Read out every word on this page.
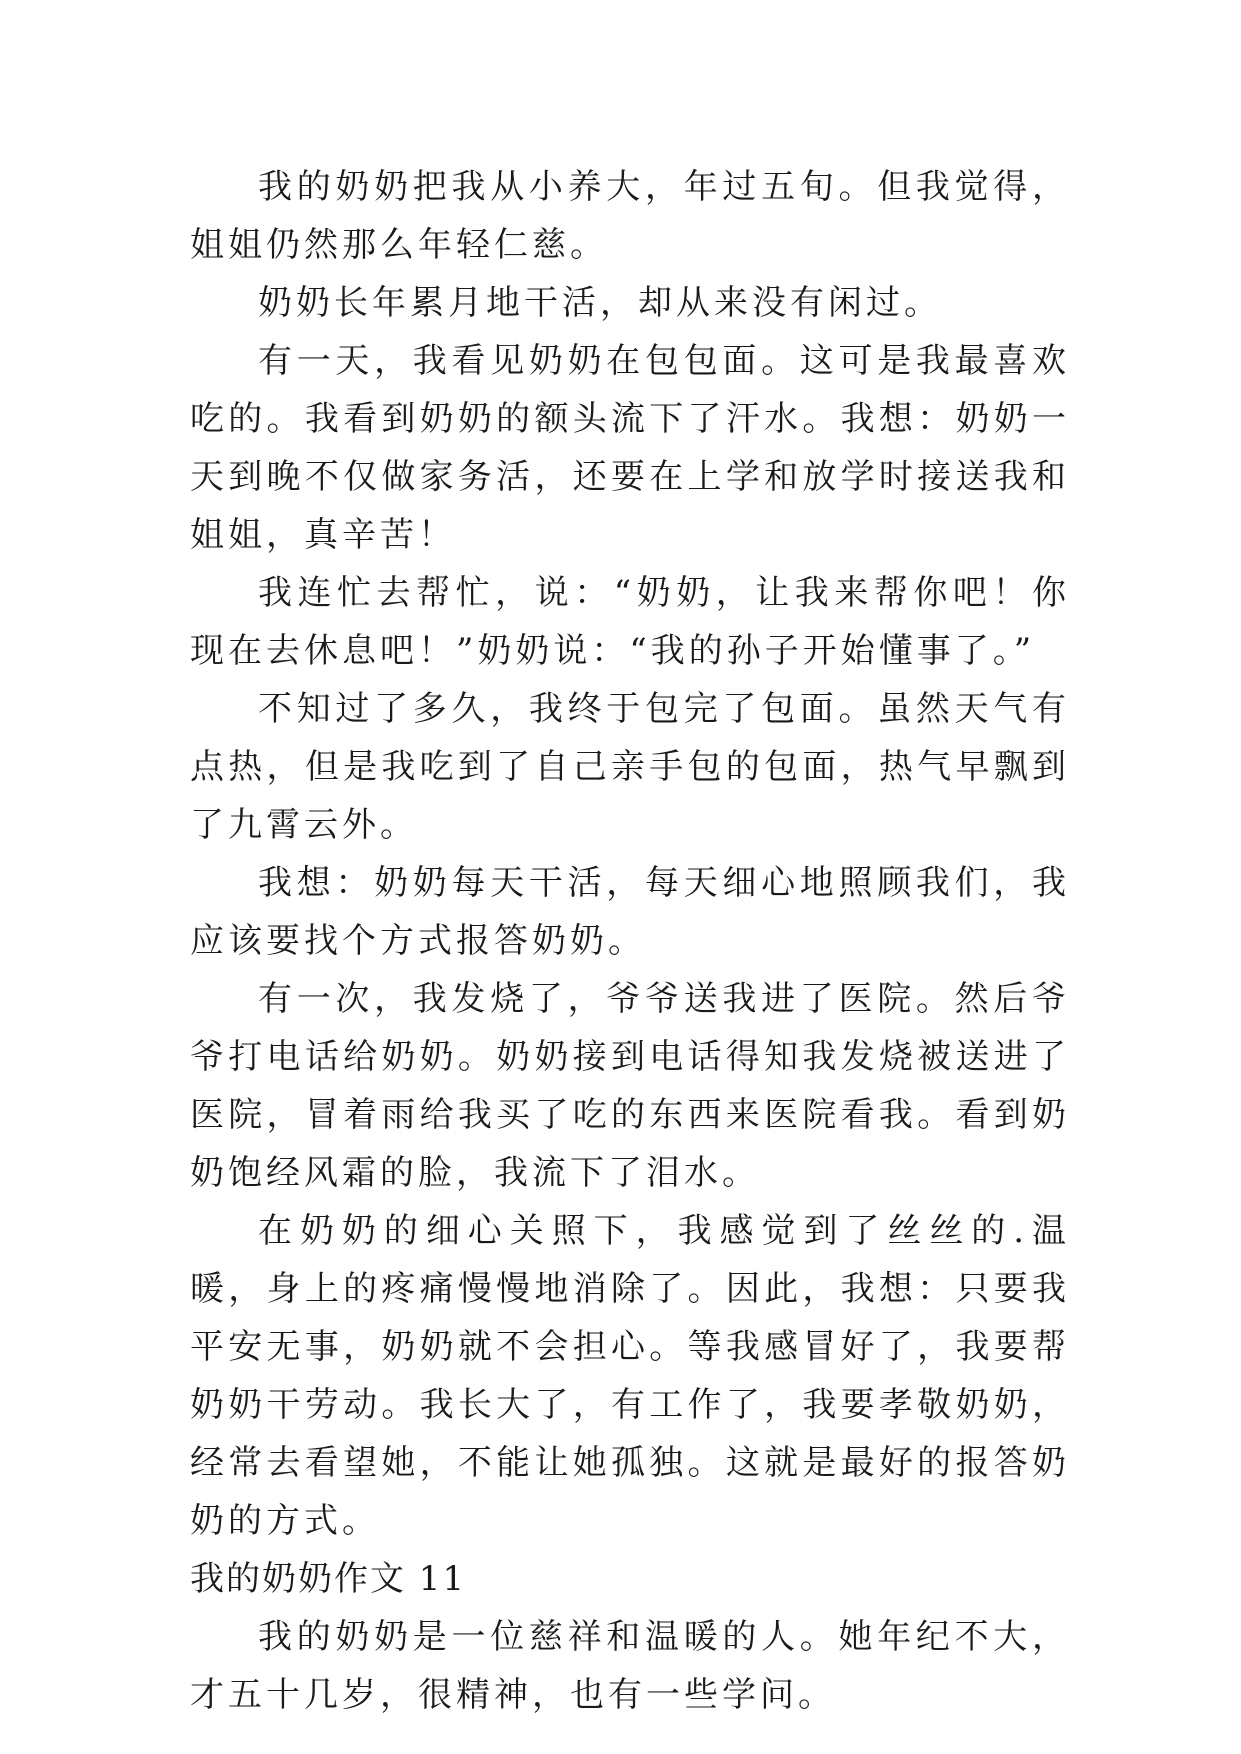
我的奶奶把我从小养大，年过五旬。但我觉得，姐姐仍然那么年轻仁慈。

奶奶长年累月地干活，却从来没有闲过。

有一天，我看见奶奶在包包面。这可是我最喜欢吃的。我看到奶奶的额头流下了汗水。我想：奶奶一天到晚不仅做家务活，还要在上学和放学时接送我和姐姐，真辛苦！

我连忙去帮忙，说：“奶奶，让我来帮你吧！你现在去休息吧！”奶奶说：“我的孙子开始懂事了。”

不知过了多久，我终于包完了包面。虽然天气有点热，但是我吃到了自己亲手包的包面，热气早飘到了九霄云外。

我想：奶奶每天干活，每天细心地照顾我们，我应该要找个方式报答奶奶。

有一次，我发烧了，爷爷送我进了医院。然后爷爷打电话给奶奶。奶奶接到电话得知我发烧被送进了医院，冒着雨给我买了吃的东西来医院看我。看到奶奶饱经风霜的脸，我流下了泪水。

在奶奶的细心关照下，我感觉到了丝丝的.温暖，身上的疼痛慢慢地消除了。因此，我想：只要我平安无事，奶奶就不会担心。等我感冒好了，我要帮奶奶干劳动。我长大了，有工作了，我要孝敬奶奶，经常去看望她，不能让她孤独。这就是最好的报答奶奶的方式。

我的奶奶作文 11

我的奶奶是一位慈祥和温暖的人。她年纪不大，才五十几岁，很精神，也有一些学问。
